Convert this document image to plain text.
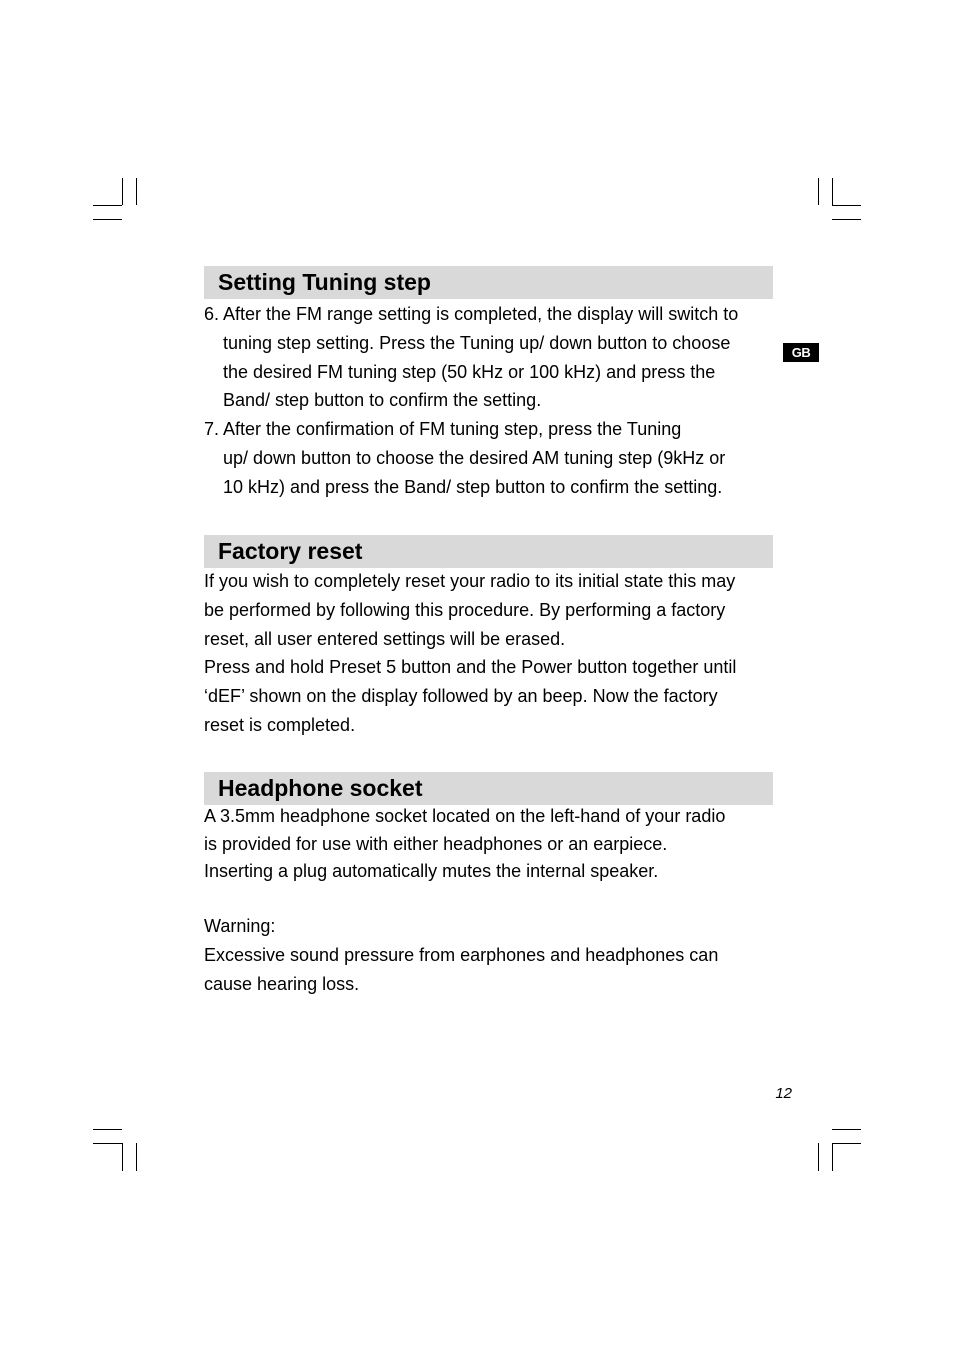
GB
Setting Tuning step
6. After the FM range setting is completed, the display will switch to
tuning step setting. Press the Tuning up/ down button to choose
the desired FM tuning step (50 kHz or 100 kHz) and press the
Band/ step button to confirm the setting.
7. After the confirmation of FM tuning step, press the Tuning
up/ down button to choose the desired AM tuning step (9kHz or
10 kHz) and press the Band/ step button to confirm the setting.
Factory reset

If you wish to completely reset your radio to its initial state this may

be performed by following this procedure. By performing a factory

reset, all user entered settings will be erased.

Press and hold Preset 5 button and the Power button together until

‘dEF’ shown on the display followed by an beep. Now the factory

reset is completed.

Headphone socket

A 3.5mm headphone socket located on the left-hand of your radio

is provided for use with either headphones or an earpiece.

Inserting a plug automatically mutes the internal speaker.

Warning:

Excessive sound pressure from earphones and headphones can

cause hearing loss.

12
